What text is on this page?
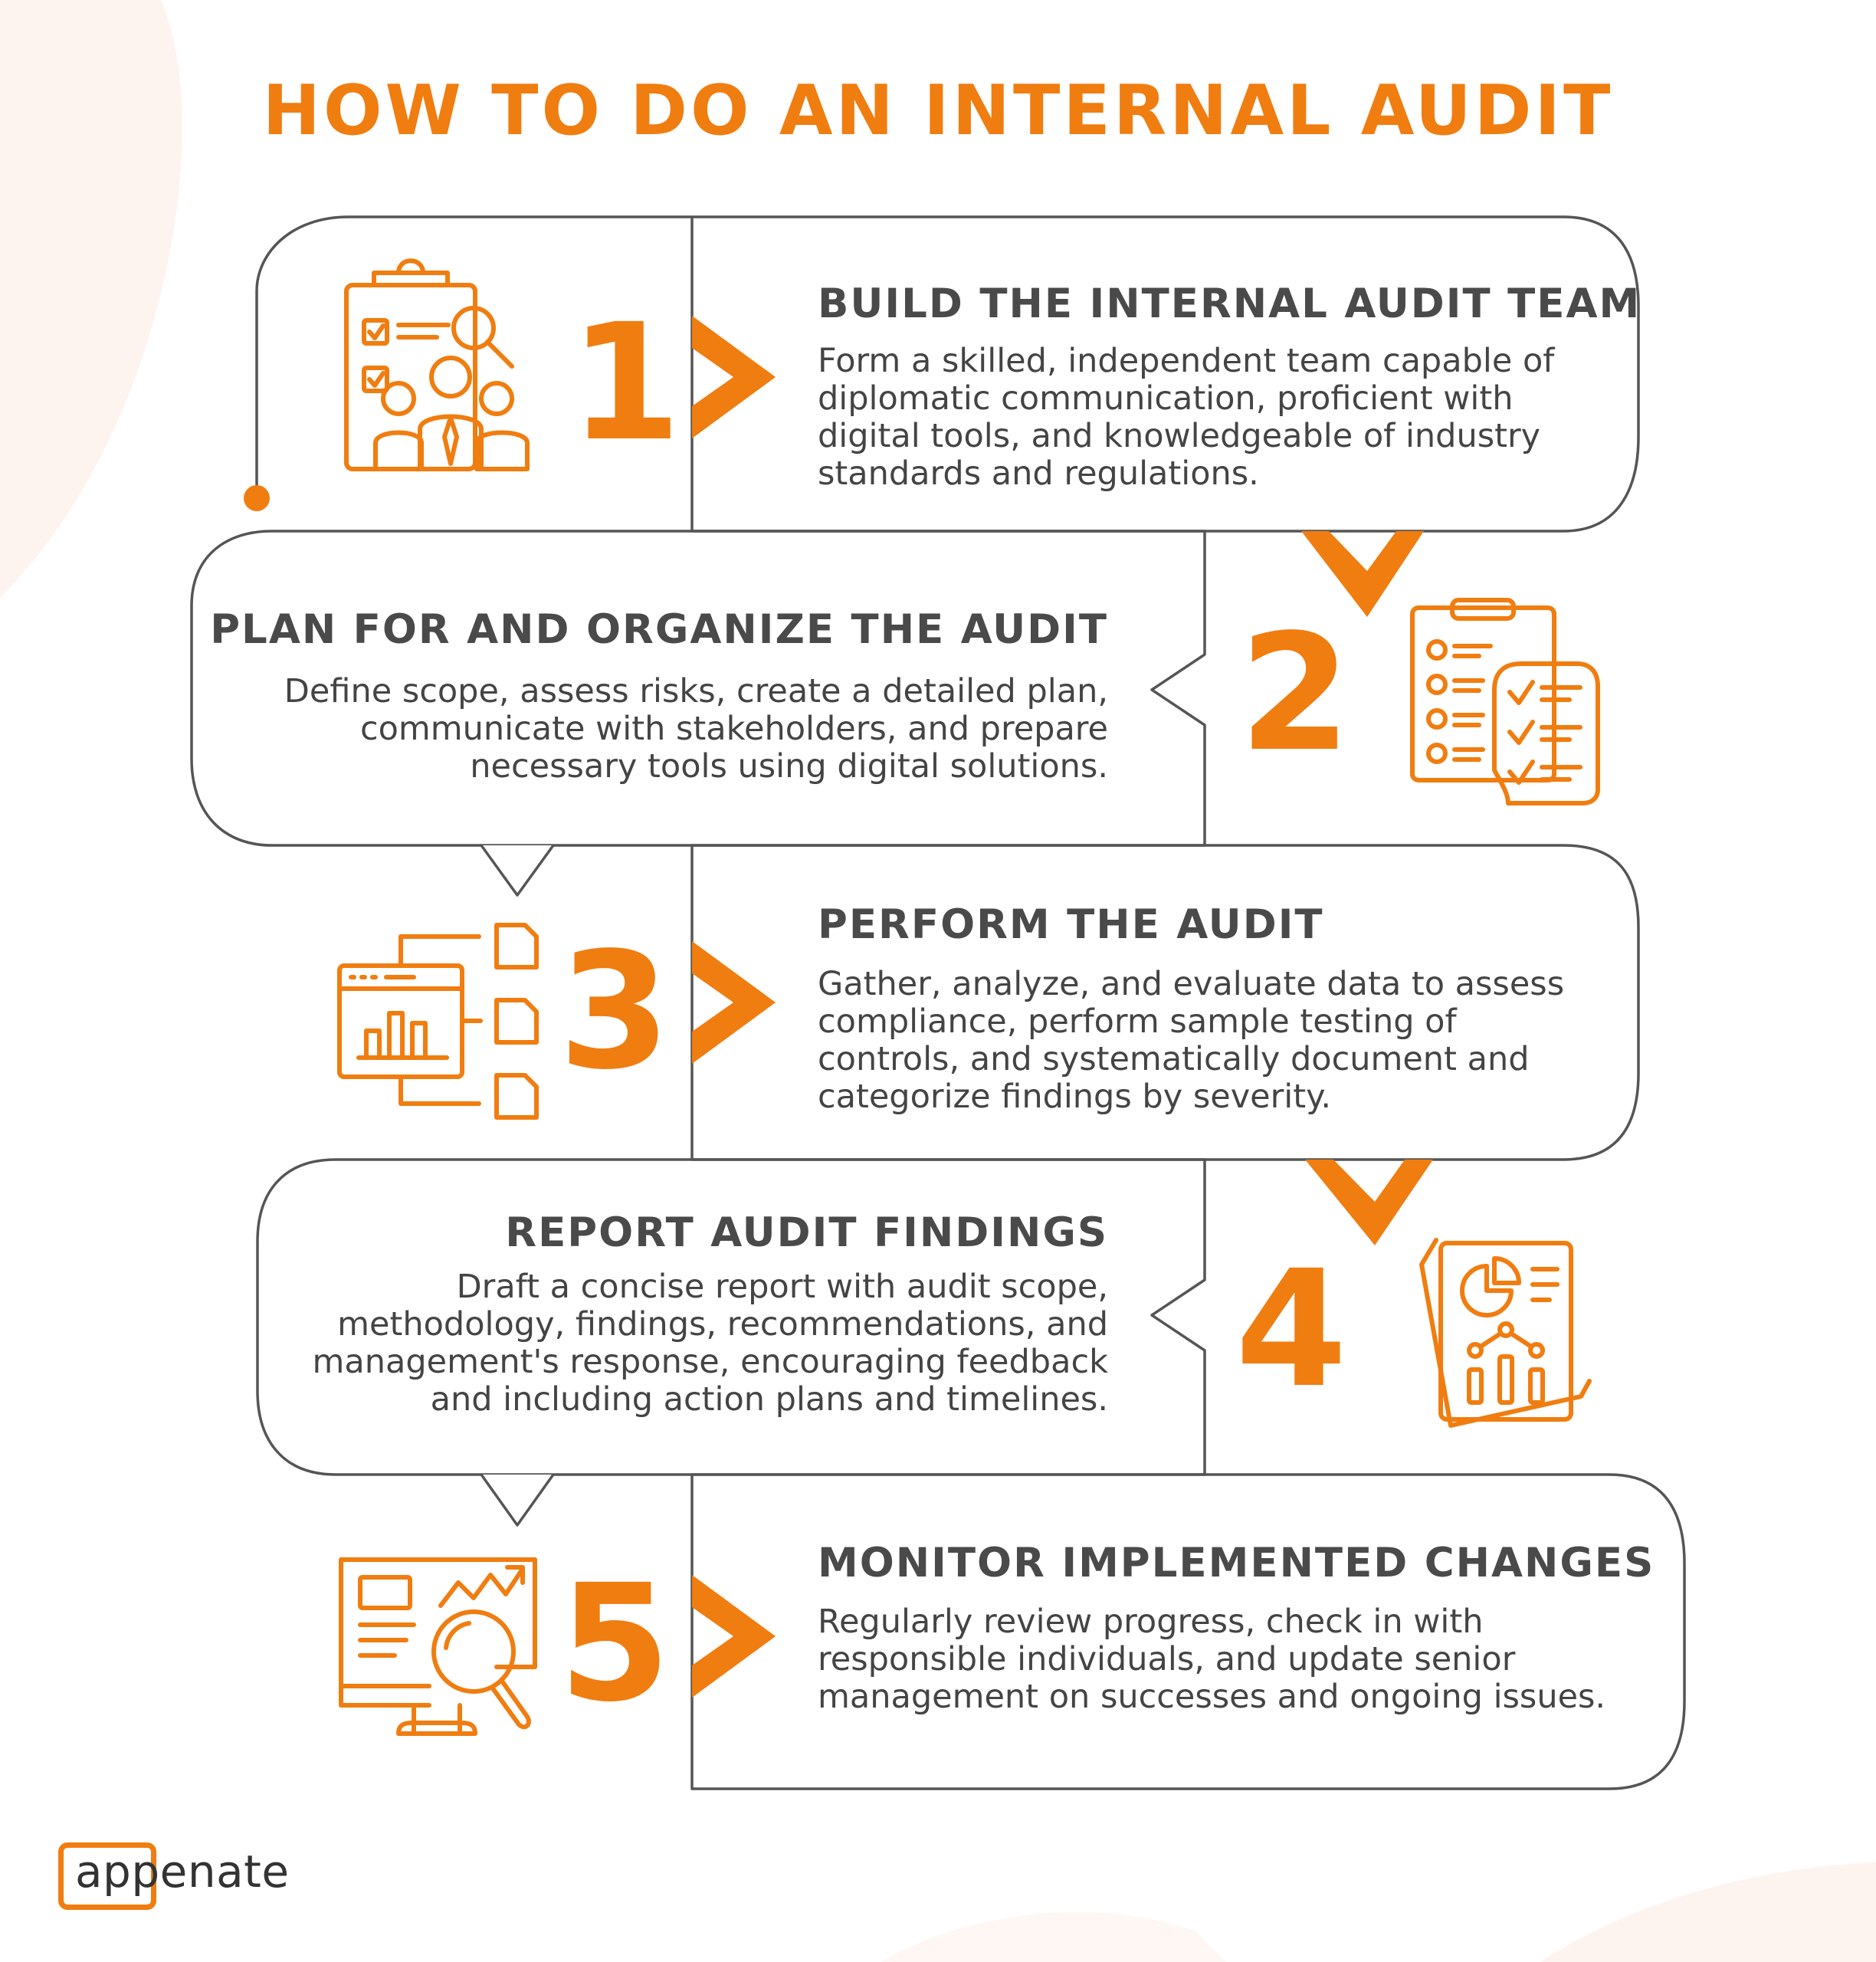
HOW TO DO AN INTERNAL AUDIT
1	BUILD THE INTERNAL AUDIT TEAM

Form a skilled, independent team capable of
diplomatic communication, proficient with
digital tools, and knowledgeable of industry
standards and regulations.

2
PLAN FOR AND ORGANIZE THE AUDIT

Define scope, assess risks, create a detailed plan,
communicate with stakeholders, and prepare
necessary tools using digital solutions.

3	PERFORM THE AUDIT

Gather, analyze, and evaluate data to assess
compliance, perform sample testing of
controls, and systematically document and
categorize findings by severity.

4
REPORT AUDIT FINDINGS

Draft a concise report with audit scope,
methodology, findings, recommendations, and
management's response, encouraging feedback
and including action plans and timelines.

5	MONITOR IMPLEMENTED CHANGES

Regularly review progress, check in with
responsible individuals, and update senior
management on successes and ongoing issues.

appenate
